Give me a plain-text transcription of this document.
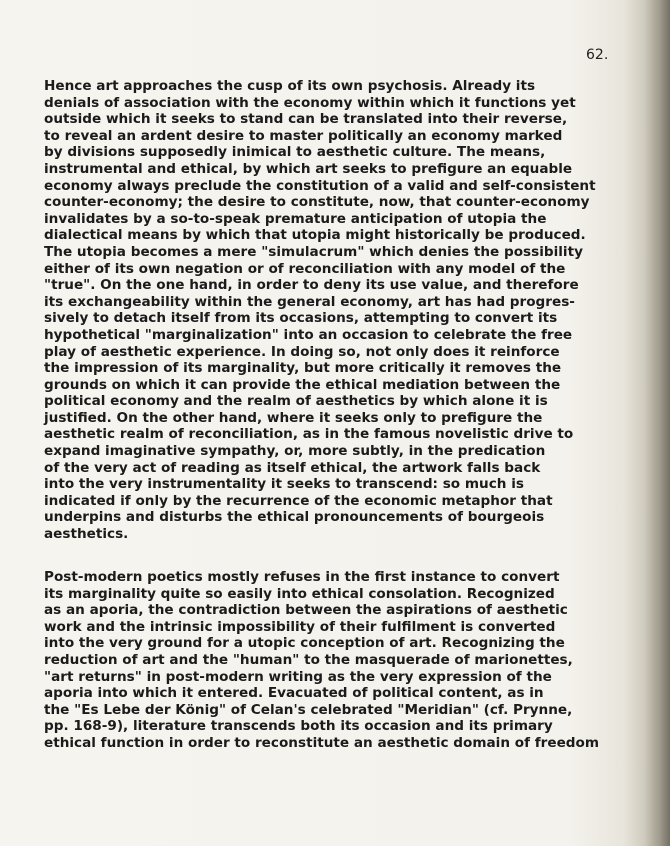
62.
Hence art approaches the cusp of its own psychosis. Already its
denials of association with the economy within which it functions yet
outside which it seeks to stand can be translated into their reverse,
to reveal an ardent desire to master politically an economy marked
by divisions supposedly inimical to aesthetic culture. The means,
instrumental and ethical, by which art seeks to prefigure an equable
economy always preclude the constitution of a valid and self-consistent
counter-economy; the desire to constitute, now, that counter-economy
invalidates by a so-to-speak premature anticipation of utopia the
dialectical means by which that utopia might historically be produced.
The utopia becomes a mere "simulacrum" which denies the possibility
either of its own negation or of reconciliation with any model of the
"true". On the one hand, in order to deny its use value, and therefore
its exchangeability within the general economy, art has had progres-
sively to detach itself from its occasions, attempting to convert its
hypothetical "marginalization" into an occasion to celebrate the free
play of aesthetic experience. In doing so, not only does it reinforce
the impression of its marginality, but more critically it removes the
grounds on which it can provide the ethical mediation between the
political economy and the realm of aesthetics by which alone it is
justified. On the other hand, where it seeks only to prefigure the
aesthetic realm of reconciliation, as in the famous novelistic drive to
expand imaginative sympathy, or, more subtly, in the predication
of the very act of reading as itself ethical, the artwork falls back
into the very instrumentality it seeks to transcend: so much is
indicated if only by the recurrence of the economic metaphor that
underpins and disturbs the ethical pronouncements of bourgeois
aesthetics.
Post-modern poetics mostly refuses in the first instance to convert
its marginality quite so easily into ethical consolation. Recognized
as an aporia, the contradiction between the aspirations of aesthetic
work and the intrinsic impossibility of their fulfilment is converted
into the very ground for a utopic conception of art. Recognizing the
reduction of art and the "human" to the masquerade of marionettes,
"art returns" in post-modern writing as the very expression of the
aporia into which it entered. Evacuated of political content, as in
the "Es Lebe der König" of Celan's celebrated "Meridian" (cf. Prynne,
pp. 168-9), literature transcends both its occasion and its primary
ethical function in order to reconstitute an aesthetic domain of freedom
